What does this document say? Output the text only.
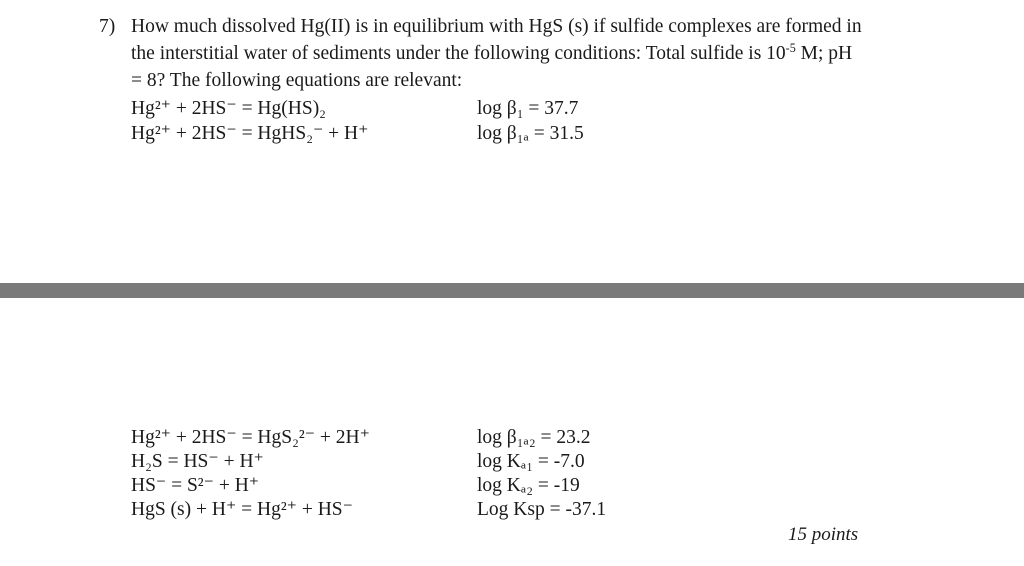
7) How much dissolved Hg(II) is in equilibrium with HgS (s) if sulfide complexes are formed in
the interstitial water of sediments under the following conditions: Total sulfide is $10^{-5}$ M; pH
= 8? The following equations are relevant:
Hg²⁺ + 2HS⁻ = Hg(HS)₂	log β₁ = 37.7
Hg²⁺ + 2HS⁻ = HgHS₂⁻ + H⁺	log β₁ₐ = 31.5
Hg²⁺ + 2HS⁻ = HgS₂²⁻ + 2H⁺	log β₁ₐ₂ = 23.2
H₂S = HS⁻ + H⁺	log Kₐ₁ = -7.0
HS⁻ = S²⁻ + H⁺	log Kₐ₂ = -19
HgS (s) + H⁺ = Hg²⁺ + HS⁻	Log Ksp = -37.1
15 points
